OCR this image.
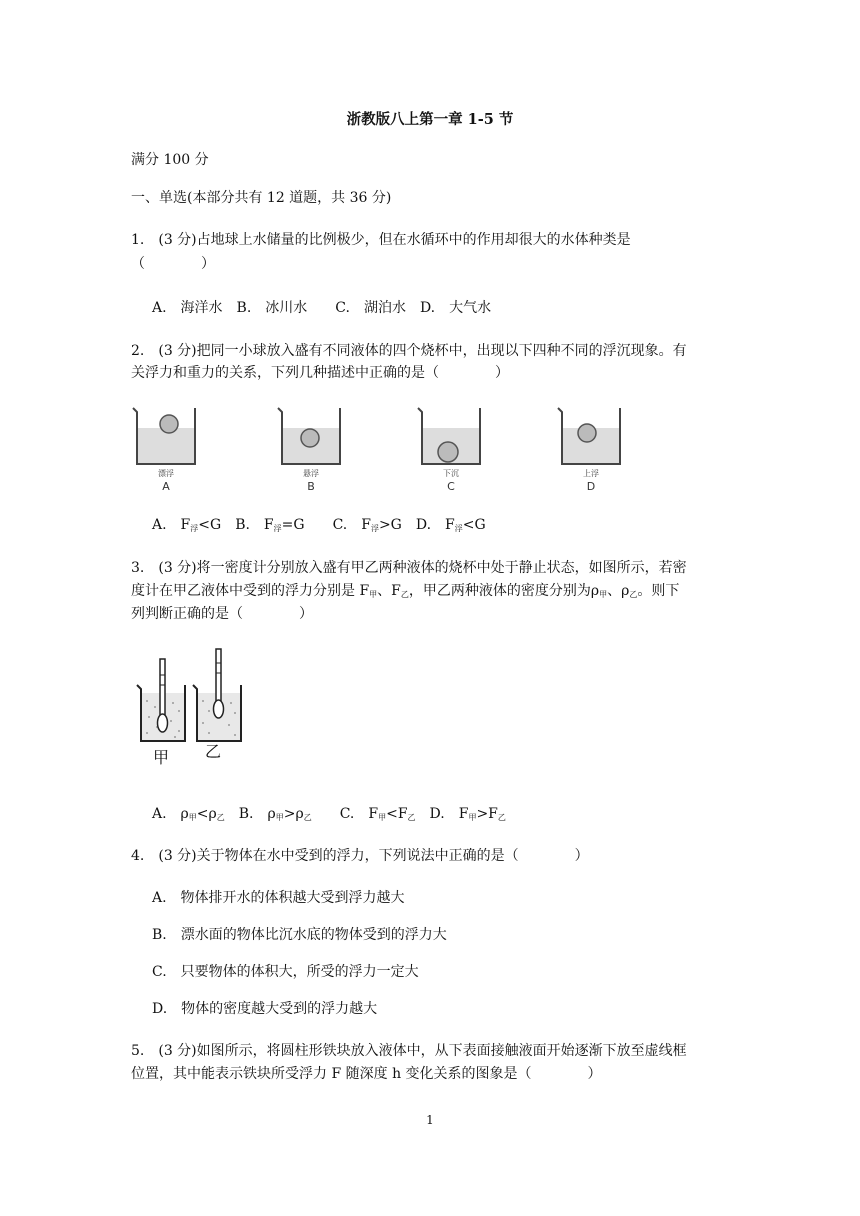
浙教版八上第一章 1-5 节
满分 100 分
一、单选(本部分共有 12 道题，共 36 分)
1.　(3 分)占地球上水储量的比例极少，但在水循环中的作用却很大的水体种类是
（　　　　）
A.　海洋水　B.　冰川水　　C.　湖泊水　D.　大气水
2.　(3 分)把同一小球放入盛有不同液体的四个烧杯中，出现以下四种不同的浮沉现象。有
关浮力和重力的关系，下列几种描述中正确的是（　　　　）
漂浮	悬浮	下沉	上浮
A	B	C	D
A.　$F_浮<G$　B.　$F_浮=G$　　C.　$F_浮>G$　D.　$F_浮<G$
3.　(3 分)将一密度计分别放入盛有甲乙两种液体的烧杯中处于静止状态，如图所示，若密
度计在甲乙液体中受到的浮力分别是 $F_甲$、$F_乙$，甲乙两种液体的密度分别为$\rho_甲$、$\rho_乙$。则下
列判断正确的是（　　　　）
甲 乙
A.　$\rho_甲<\rho_乙$　B.　$\rho_甲>\rho_乙$　　C.　$F_甲<F_乙$　D.　$F_甲>F_乙$
4.　(3 分)关于物体在水中受到的浮力，下列说法中正确的是（　　　　）
A.　物体排开水的体积越大受到浮力越大
B.　漂水面的物体比沉水底的物体受到的浮力大
C.　只要物体的体积大，所受的浮力一定大
D.　物体的密度越大受到的浮力越大
5.　(3 分)如图所示，将圆柱形铁块放入液体中，从下表面接触液面开始逐渐下放至虚线框
位置，其中能表示铁块所受浮力 F 随深度 h 变化关系的图象是（　　　　）
1
